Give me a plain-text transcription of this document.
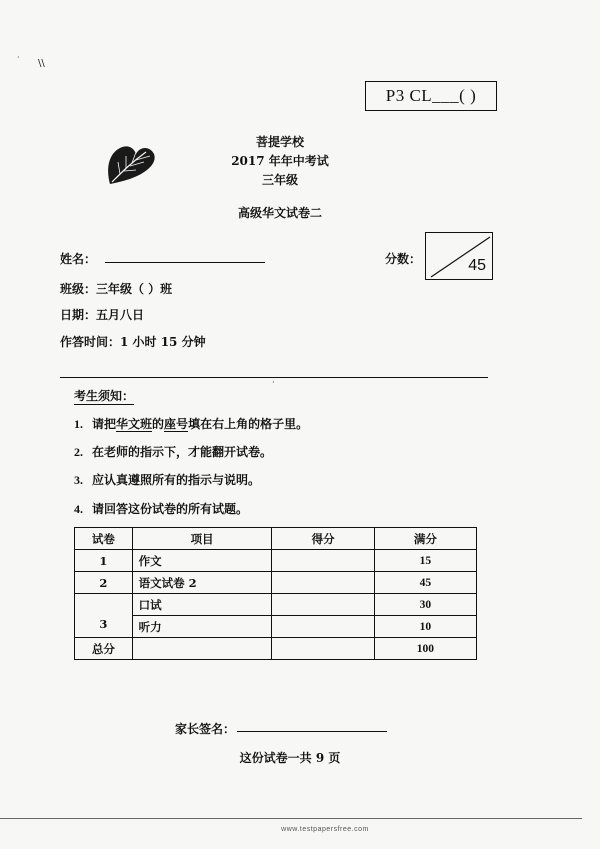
·
\\
P3 CL___( )
菩提学校
2017 年年中考试
三年级
高级华文试卷二
姓名：	分数：	45
班级：三年级（ ）班
日期：五月八日
作答时间：1 小时 15 分钟
·
考生须知：
1. 请把华文班的座号填在右上角的格子里。
2. 在老师的指示下，才能翻开试卷。
3. 应认真遵照所有的指示与说明。
4. 请回答这份试卷的所有试题。
试卷	项目	得分	满分
1	作文		15
2	语文试卷 2		45
3	口试		30
	听力		10
总分			100
家长签名：
这份试卷一共 9 页
www.testpapersfree.com
